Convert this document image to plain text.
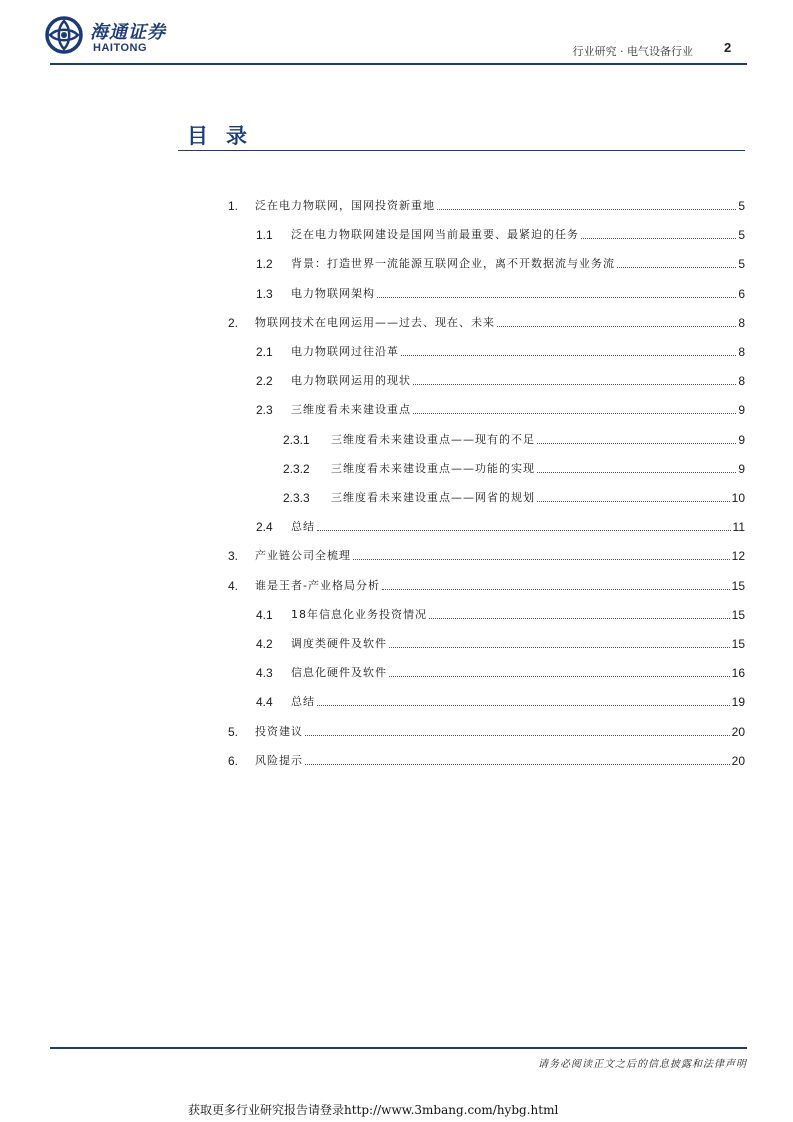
海通证券
HAITONG	行业研究 · 电气设备行业 2
目录
1.	泛在电力物联网，国网投资新重地	5
1.1	泛在电力物联网建设是国网当前最重要、最紧迫的任务	5
1.2	背景：打造世界一流能源互联网企业，离不开数据流与业务流	5
1.3	电力物联网架构	6
2.	物联网技术在电网运用——过去、现在、未来	8
2.1	电力物联网过往沿革	8
2.2	电力物联网运用的现状	8
2.3	三维度看未来建设重点	9
2.3.1	三维度看未来建设重点——现有的不足	9
2.3.2	三维度看未来建设重点——功能的实现	9
2.3.3	三维度看未来建设重点——网省的规划	10
2.4	总结	11
3.	产业链公司全梳理	12
4.	谁是王者-产业格局分析	15
4.1	18年信息化业务投资情况	15
4.2	调度类硬件及软件	15
4.3	信息化硬件及软件	16
4.4	总结	19
5.	投资建议	20
6.	风险提示	20
请务必阅读正文之后的信息披露和法律声明
获取更多行业研究报告请登录http://www.3mbang.com/hybg.html
